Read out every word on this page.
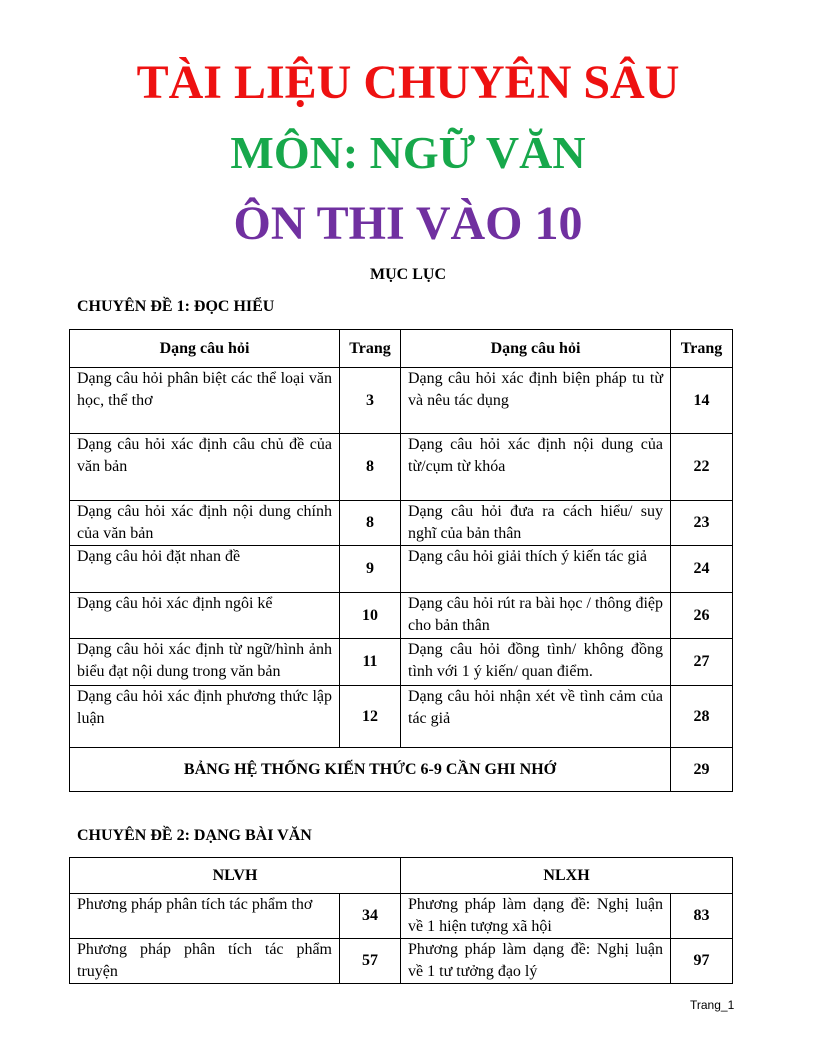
TÀI LIỆU CHUYÊN SÂU
MÔN: NGỮ VĂN
ÔN THI VÀO 10
MỤC LỤC
CHUYÊN ĐỀ 1: ĐỌC HIỂU
Dạng câu hỏi	Trang	Dạng câu hỏi	Trang
Dạng câu hỏi phân biệt các thể loại văn học, thể thơ	3	Dạng câu hỏi xác định biện pháp tu từ và nêu tác dụng	14
Dạng câu hỏi xác định câu chủ đề của văn bản	8	Dạng câu hỏi xác định nội dung của từ/cụm từ khóa	22
Dạng câu hỏi xác định nội dung chính của văn bản	8	Dạng câu hỏi đưa ra cách hiểu/ suy nghĩ của bản thân	23
Dạng câu hỏi đặt nhan đề	9	Dạng câu hỏi giải thích ý kiến tác giả	24
Dạng câu hỏi xác định ngôi kể	10	Dạng câu hỏi rút ra bài học / thông điệp cho bản thân	26
Dạng câu hỏi xác định từ ngữ/hình ảnh biểu đạt nội dung trong văn bản	11	Dạng câu hỏi đồng tình/ không đồng tình với 1 ý kiến/ quan điểm.	27
Dạng câu hỏi xác định phương thức lập luận	12	Dạng câu hỏi nhận xét về tình cảm của tác giả	28
BẢNG HỆ THỐNG KIẾN THỨC 6-9 CẦN GHI NHỚ			29
CHUYÊN ĐỀ 2: DẠNG BÀI VĂN
NLVH		NLXH	
Phương pháp phân tích tác phẩm thơ	34	Phương pháp làm dạng đề: Nghị luận về 1 hiện tượng xã hội	83
Phương pháp phân tích tác phẩm truyện	57	Phương pháp làm dạng đề: Nghị luận về 1 tư tưởng đạo lý	97
Trang_1
